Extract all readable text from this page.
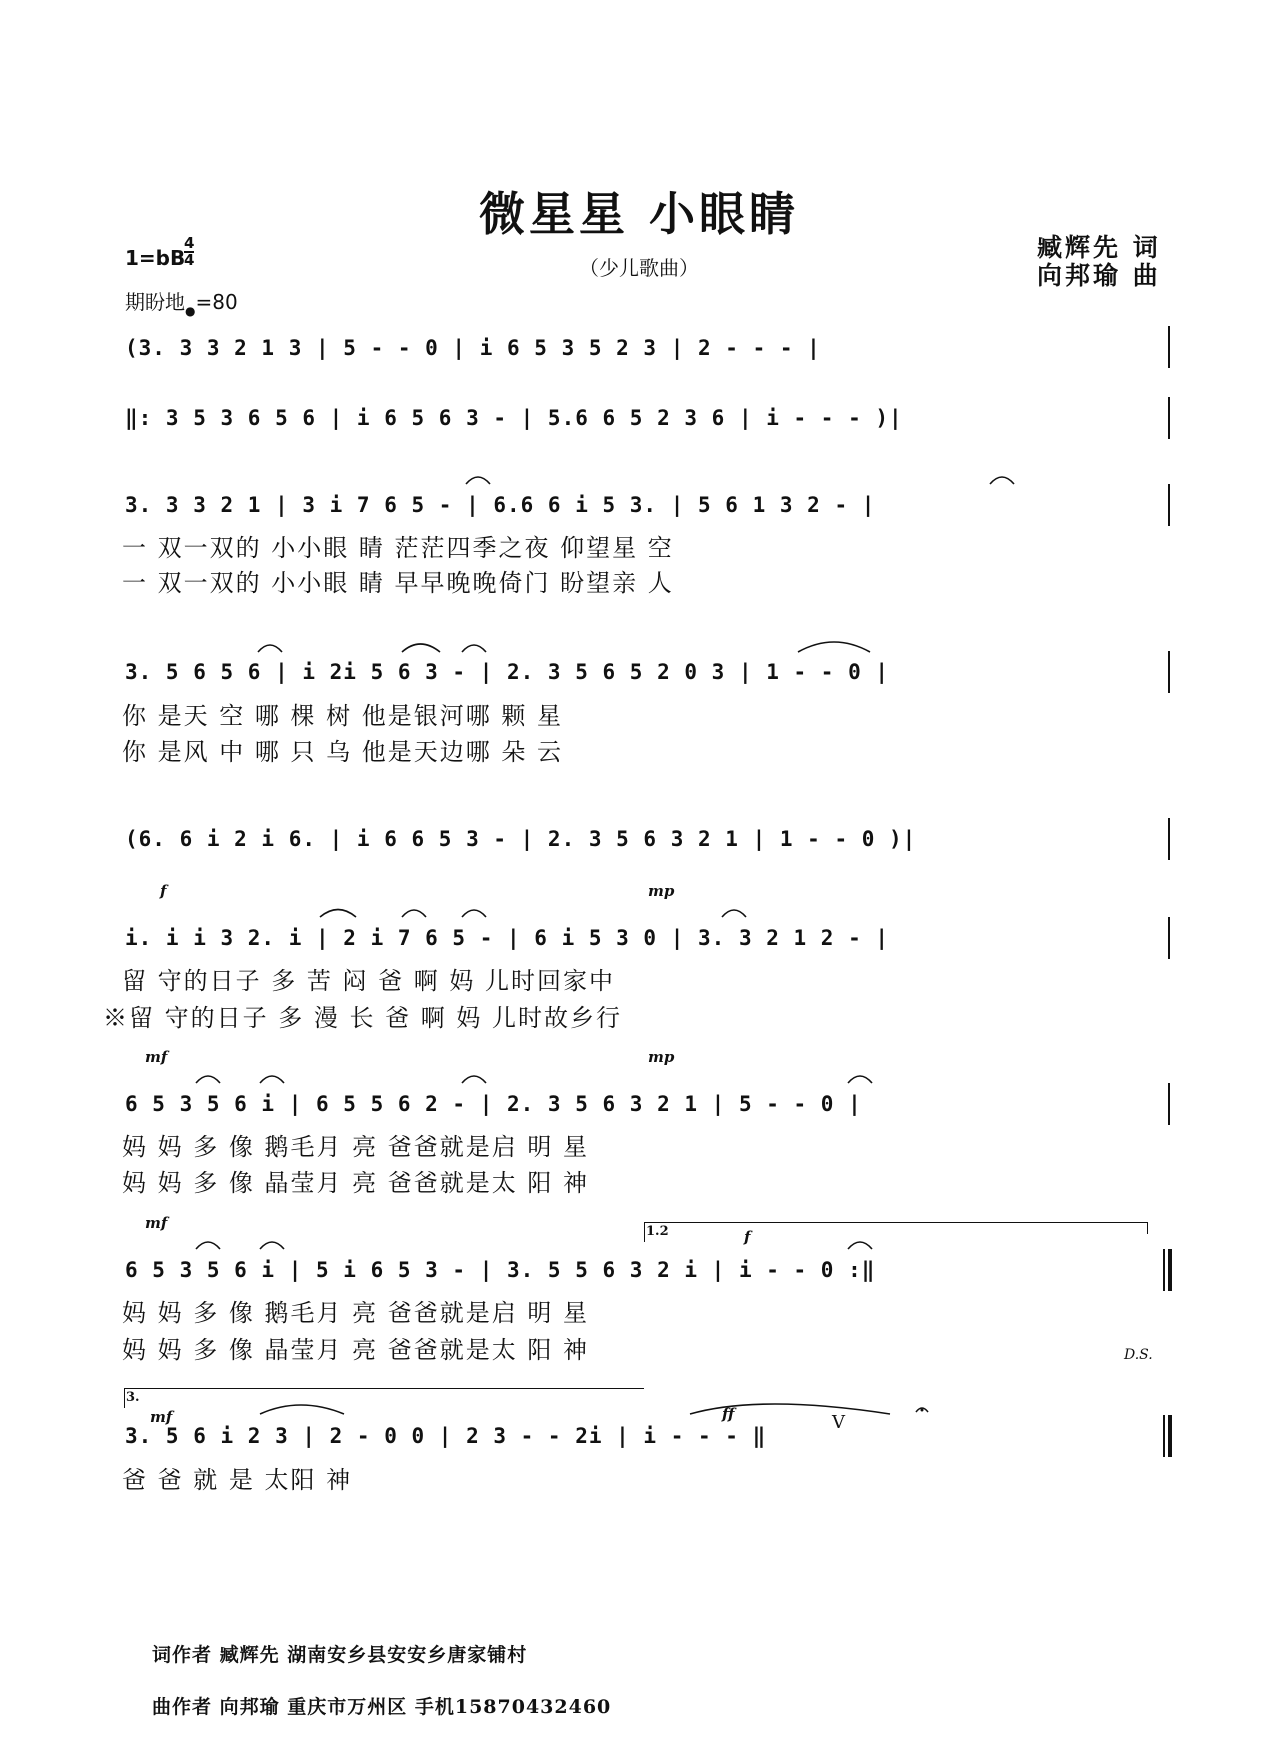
微星星 小眼睛
（少儿歌曲）
臧辉先 词
向邦瑜 曲
1=bB
4
4
期盼地$_●$=80
(3. 3 3 2 1 3 | 5 - - 0 | i 6 5 3 5 2 3 | 2 - - - |
‖: 3 5 3 6 5 6 | i 6 5 6 3 - | 5.6 6 5 2 3 6 | i - - - )|
3. 3 3 2 1 | 3 i 7 6 5 - | 6.6 6 i 5 3. | 5 6 1 3 2 - |
一 双一双的 小小眼 睛 茫茫四季之夜 仰望星 空
一 双一双的 小小眼 睛 早早晚晚倚门 盼望亲 人
3. 5 6 5 6 | i 2i 5 6 3 - | 2. 3 5 6 5 2 0 3 | 1 - - 0 |
你 是天 空 哪 棵 树 他是银河哪 颗 星
你 是风 中 哪 只 乌 他是天边哪 朵 云
(6. 6 i 2 i 6. | i 6 6 5 3 - | 2. 3 5 6 3 2 1 | 1 - - 0 )|
f	mp
i. i i 3 2. i | 2 i 7 6 5 - | 6 i 5 3 0 | 3. 3 2 1 2 - |
留 守的日子 多 苦 闷 爸 啊 妈 儿时回家中
※留 守的日子 多 漫 长 爸 啊 妈 儿时故乡行
mf	mp
6 5 3 5 6 i | 6 5 5 6 2 - | 2. 3 5 6 3 2 1 | 5 - - 0 |
妈 妈 多 像 鹅毛月 亮 爸爸就是启 明 星
妈 妈 多 像 晶莹月 亮 爸爸就是太 阳 神
mf
f
1.2
6 5 3 5 6 i | 5 i 6 5 3 - | 3. 5 5 6 3 2 i | i - - 0 :‖
妈 妈 多 像 鹅毛月 亮 爸爸就是启 明 星
妈 妈 多 像 晶莹月 亮 爸爸就是太 阳 神	D.S.
3.
mf	ff	V
3. 5 6 i 2 3 | 2 - 0 0 | 2 3 - - 2i | i - - - ‖
爸 爸 就 是 太阳 神
词作者 臧辉先 湖南安乡县安安乡唐家铺村
曲作者 向邦瑜 重庆市万州区 手机15870432460
